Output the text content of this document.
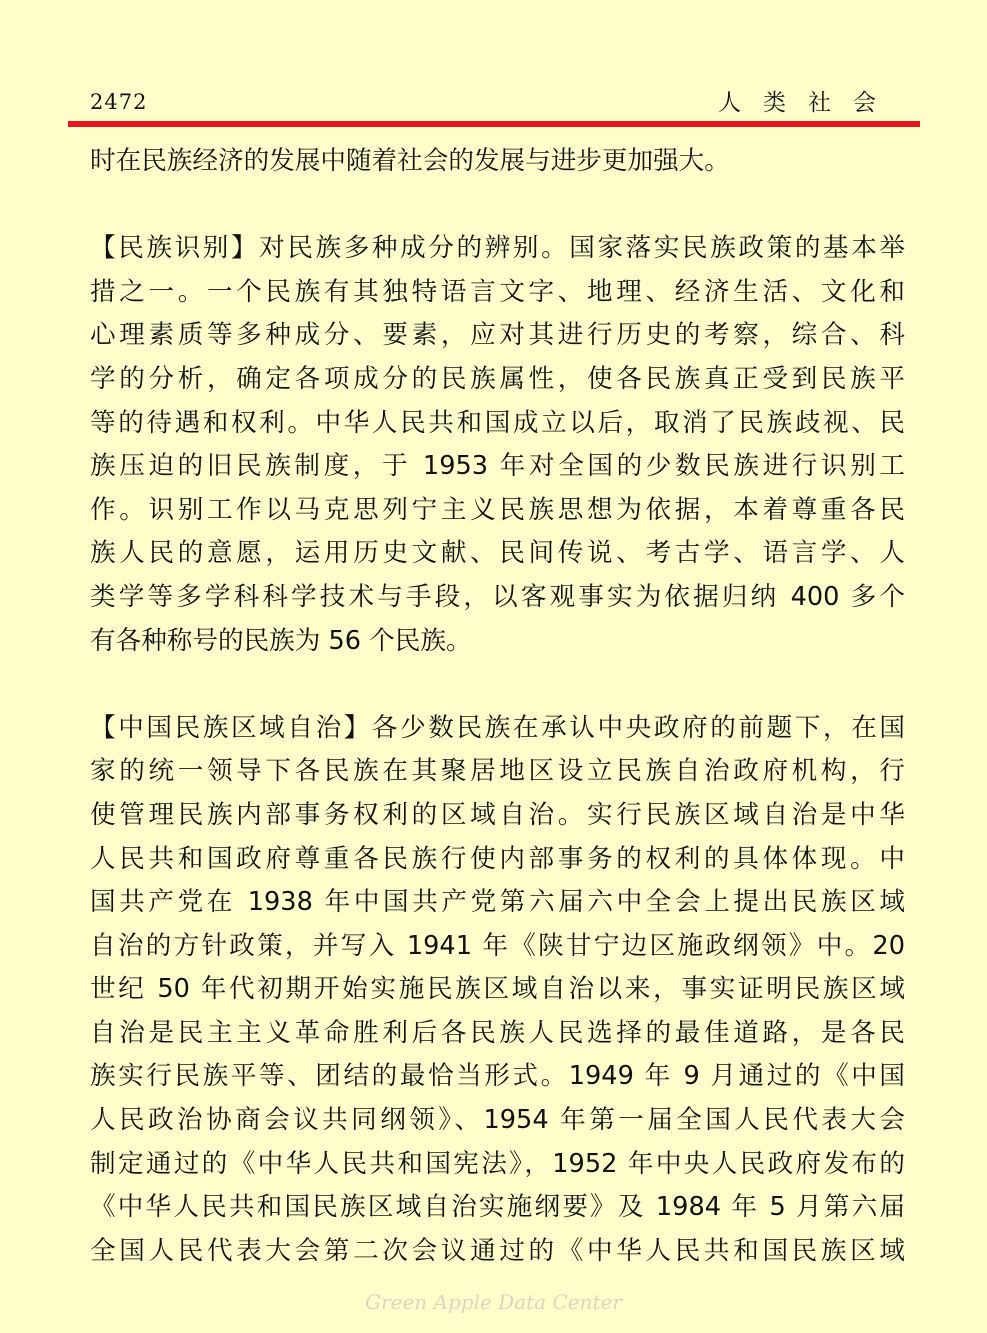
2472	人类社会
时在民族经济的发展中随着社会的发展与进步更加强大。
【民族识别】对民族多种成分的辨别。国家落实民族政策的基本举
措之一。一个民族有其独特语言文字、地理、经济生活、文化和
心理素质等多种成分、要素，应对其进行历史的考察，综合、科
学的分析，确定各项成分的民族属性，使各民族真正受到民族平
等的待遇和权利。中华人民共和国成立以后，取消了民族歧视、民
族压迫的旧民族制度，于 1953 年对全国的少数民族进行识别工
作。识别工作以马克思列宁主义民族思想为依据，本着尊重各民
族人民的意愿，运用历史文献、民间传说、考古学、语言学、人
类学等多学科科学技术与手段，以客观事实为依据归纳 400 多个
有各种称号的民族为 56 个民族。
【中国民族区域自治】各少数民族在承认中央政府的前题下，在国
家的统一领导下各民族在其聚居地区设立民族自治政府机构，行
使管理民族内部事务权利的区域自治。实行民族区域自治是中华
人民共和国政府尊重各民族行使内部事务的权利的具体体现。中
国共产党在 1938 年中国共产党第六届六中全会上提出民族区域
自治的方针政策，并写入 1941 年《陕甘宁边区施政纲领》中。20
世纪 50 年代初期开始实施民族区域自治以来，事实证明民族区域
自治是民主主义革命胜利后各民族人民选择的最佳道路，是各民
族实行民族平等、团结的最恰当形式。1949 年 9 月通过的《中国
人民政治协商会议共同纲领》、1954 年第一届全国人民代表大会
制定通过的《中华人民共和国宪法》，1952 年中央人民政府发布的
《中华人民共和国民族区域自治实施纲要》及 1984 年 5 月第六届
全国人民代表大会第二次会议通过的《中华人民共和国民族区域
Green Apple Data Center
